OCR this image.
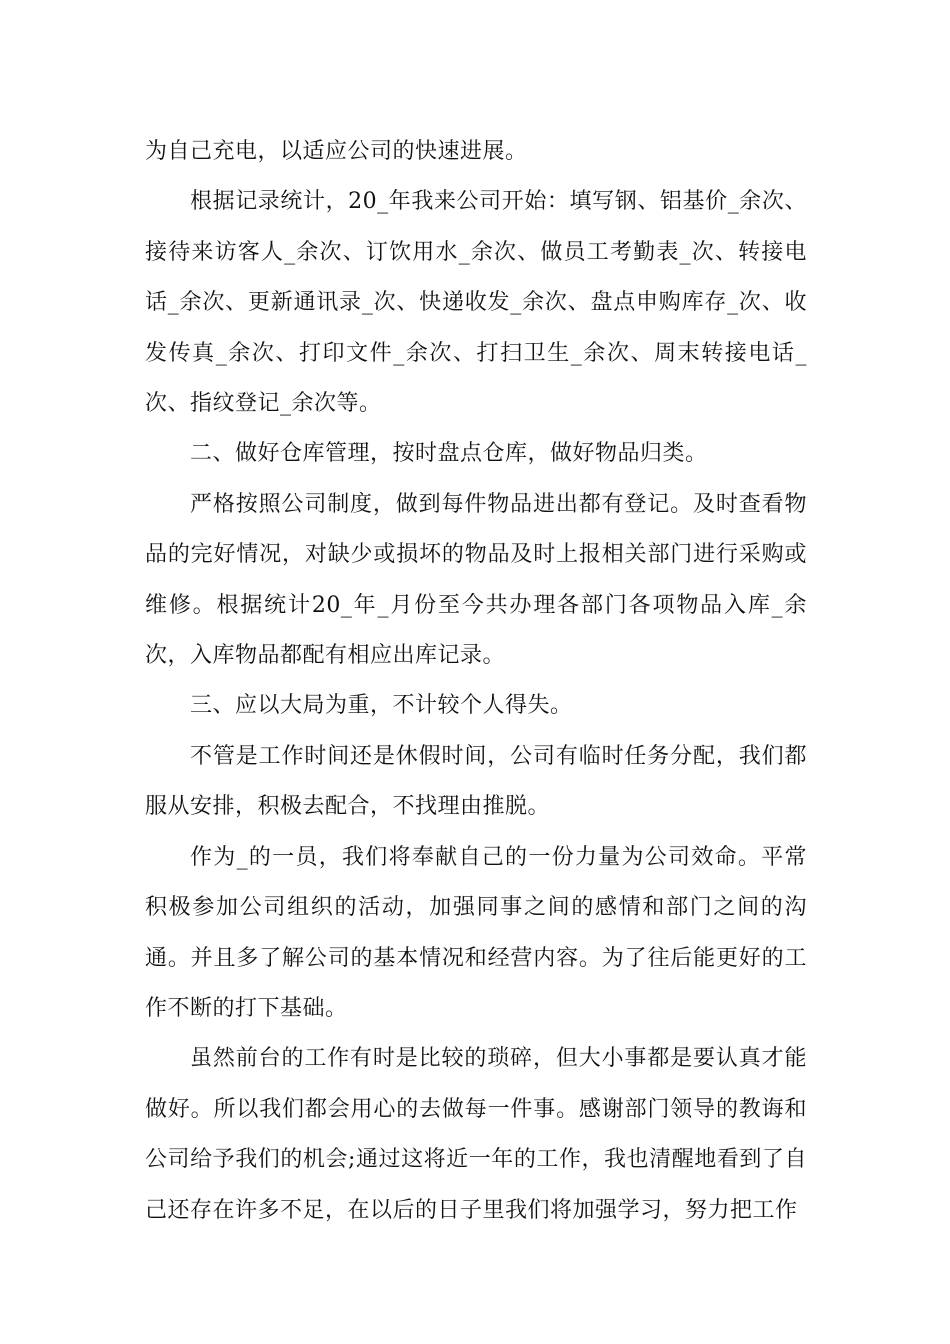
为自己充电，以适应公司的快速进展。

根据记录统计，20_年我来公司开始：填写钢、铝基价_余次、接待来访客人_余次、订饮用水_余次、做员工考勤表_次、转接电话_余次、更新通讯录_次、快递收发_余次、盘点申购库存_次、收发传真_余次、打印文件_余次、打扫卫生_余次、周末转接电话_次、指纹登记_余次等。

二、做好仓库管理，按时盘点仓库，做好物品归类。

严格按照公司制度，做到每件物品进出都有登记。及时查看物品的完好情况，对缺少或损坏的物品及时上报相关部门进行采购或维修。根据统计20_年_月份至今共办理各部门各项物品入库_余次，入库物品都配有相应出库记录。

三、应以大局为重，不计较个人得失。

不管是工作时间还是休假时间，公司有临时任务分配，我们都服从安排，积极去配合，不找理由推脱。

作为_的一员，我们将奉献自己的一份力量为公司效命。平常积极参加公司组织的活动，加强同事之间的感情和部门之间的沟通。并且多了解公司的基本情况和经营内容。为了往后能更好的工作不断的打下基础。

虽然前台的工作有时是比较的琐碎，但大小事都是要认真才能做好。所以我们都会用心的去做每一件事。感谢部门领导的教诲和公司给予我们的机会;通过这将近一年的工作，我也清醒地看到了自己还存在许多不足，在以后的日子里我们将加强学习，努力把工作
